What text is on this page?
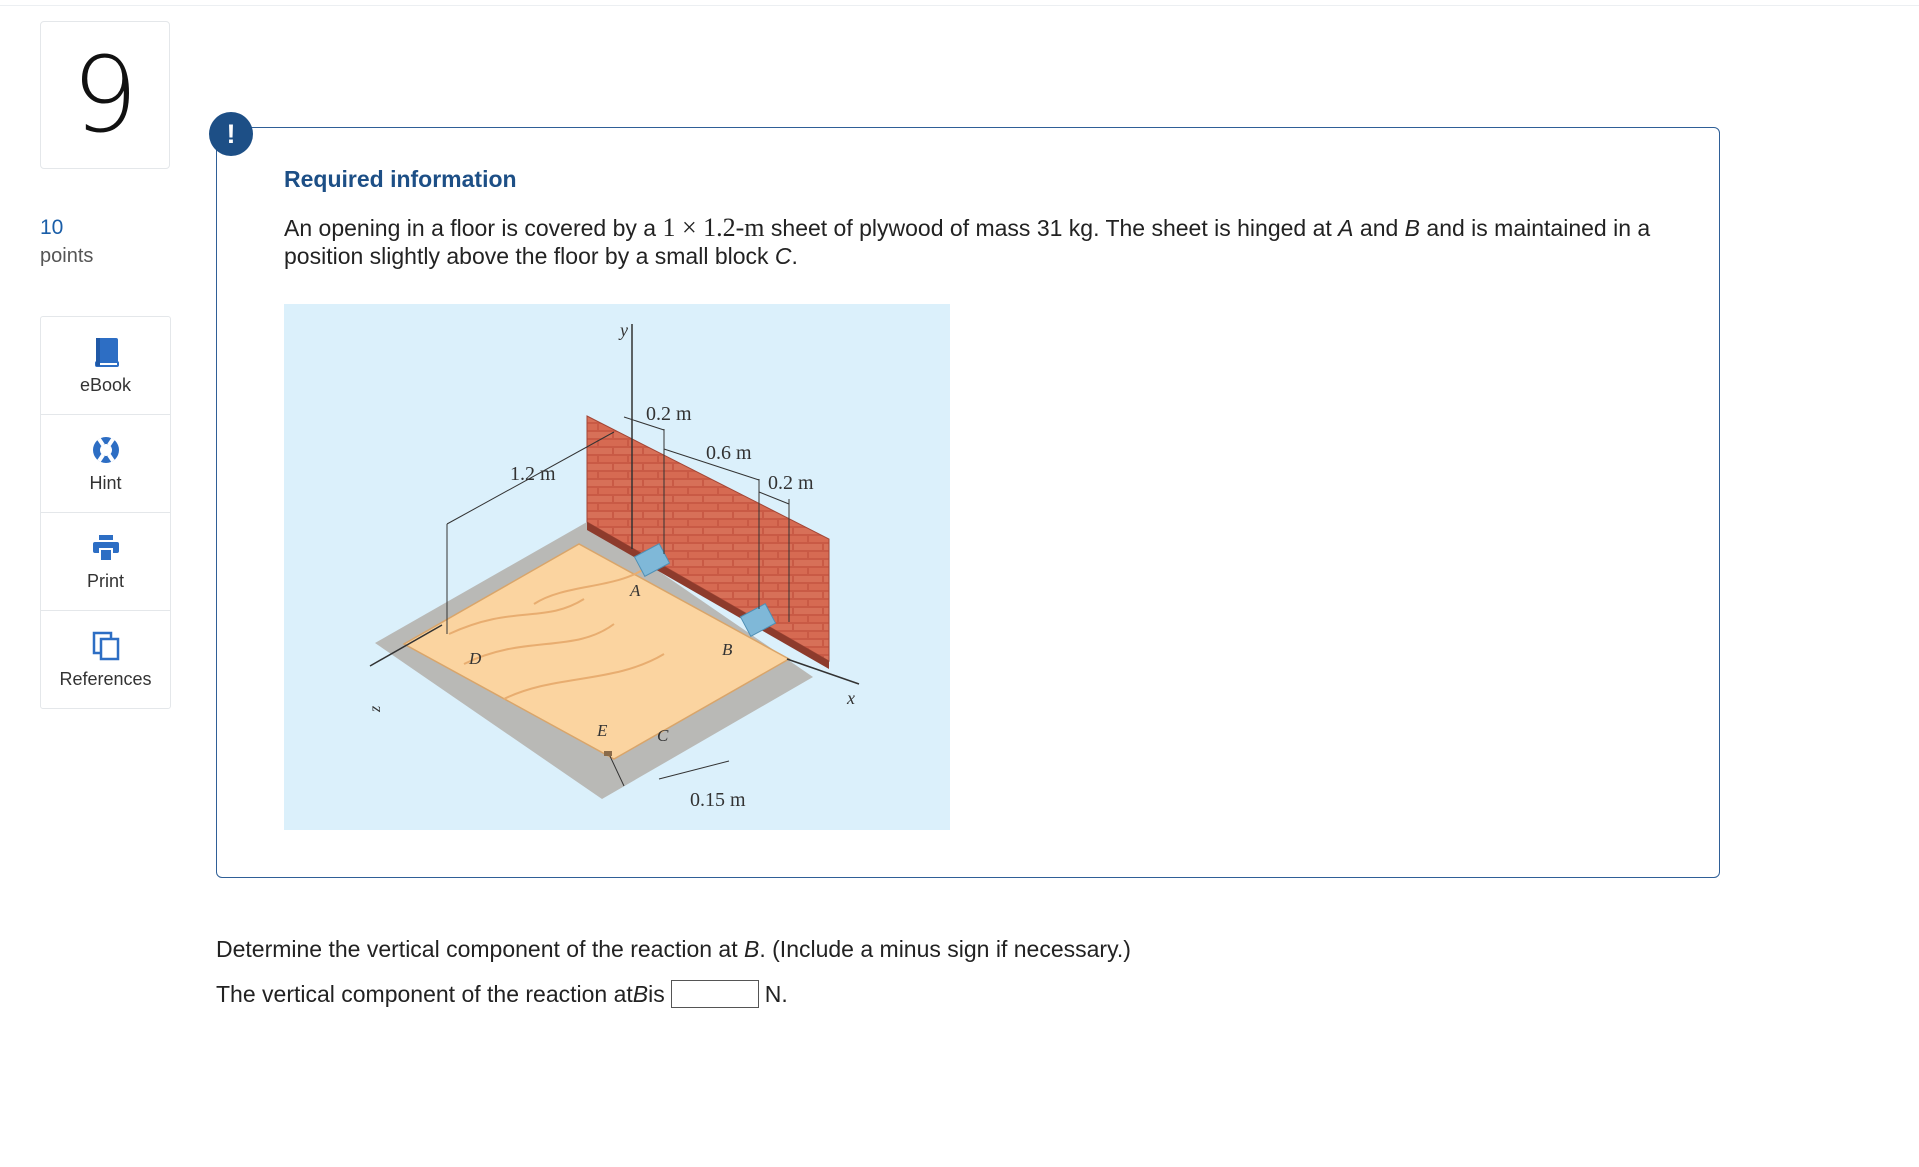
9
10
points
eBook
Hint
Print
References
!
Required information
An opening in a floor is covered by a 1 × 1.2-m sheet of plywood of mass 31 kg. The sheet is hinged at A and B and is maintained in a position slightly above the floor by a small block C.
y
x
z
0.2 m
0.6 m
0.2 m
1.2 m
0.15 m
A
B
C
D
E
Determine the vertical component of the reaction at B. (Include a minus sign if necessary.)
The vertical component of the reaction at B is	N.
